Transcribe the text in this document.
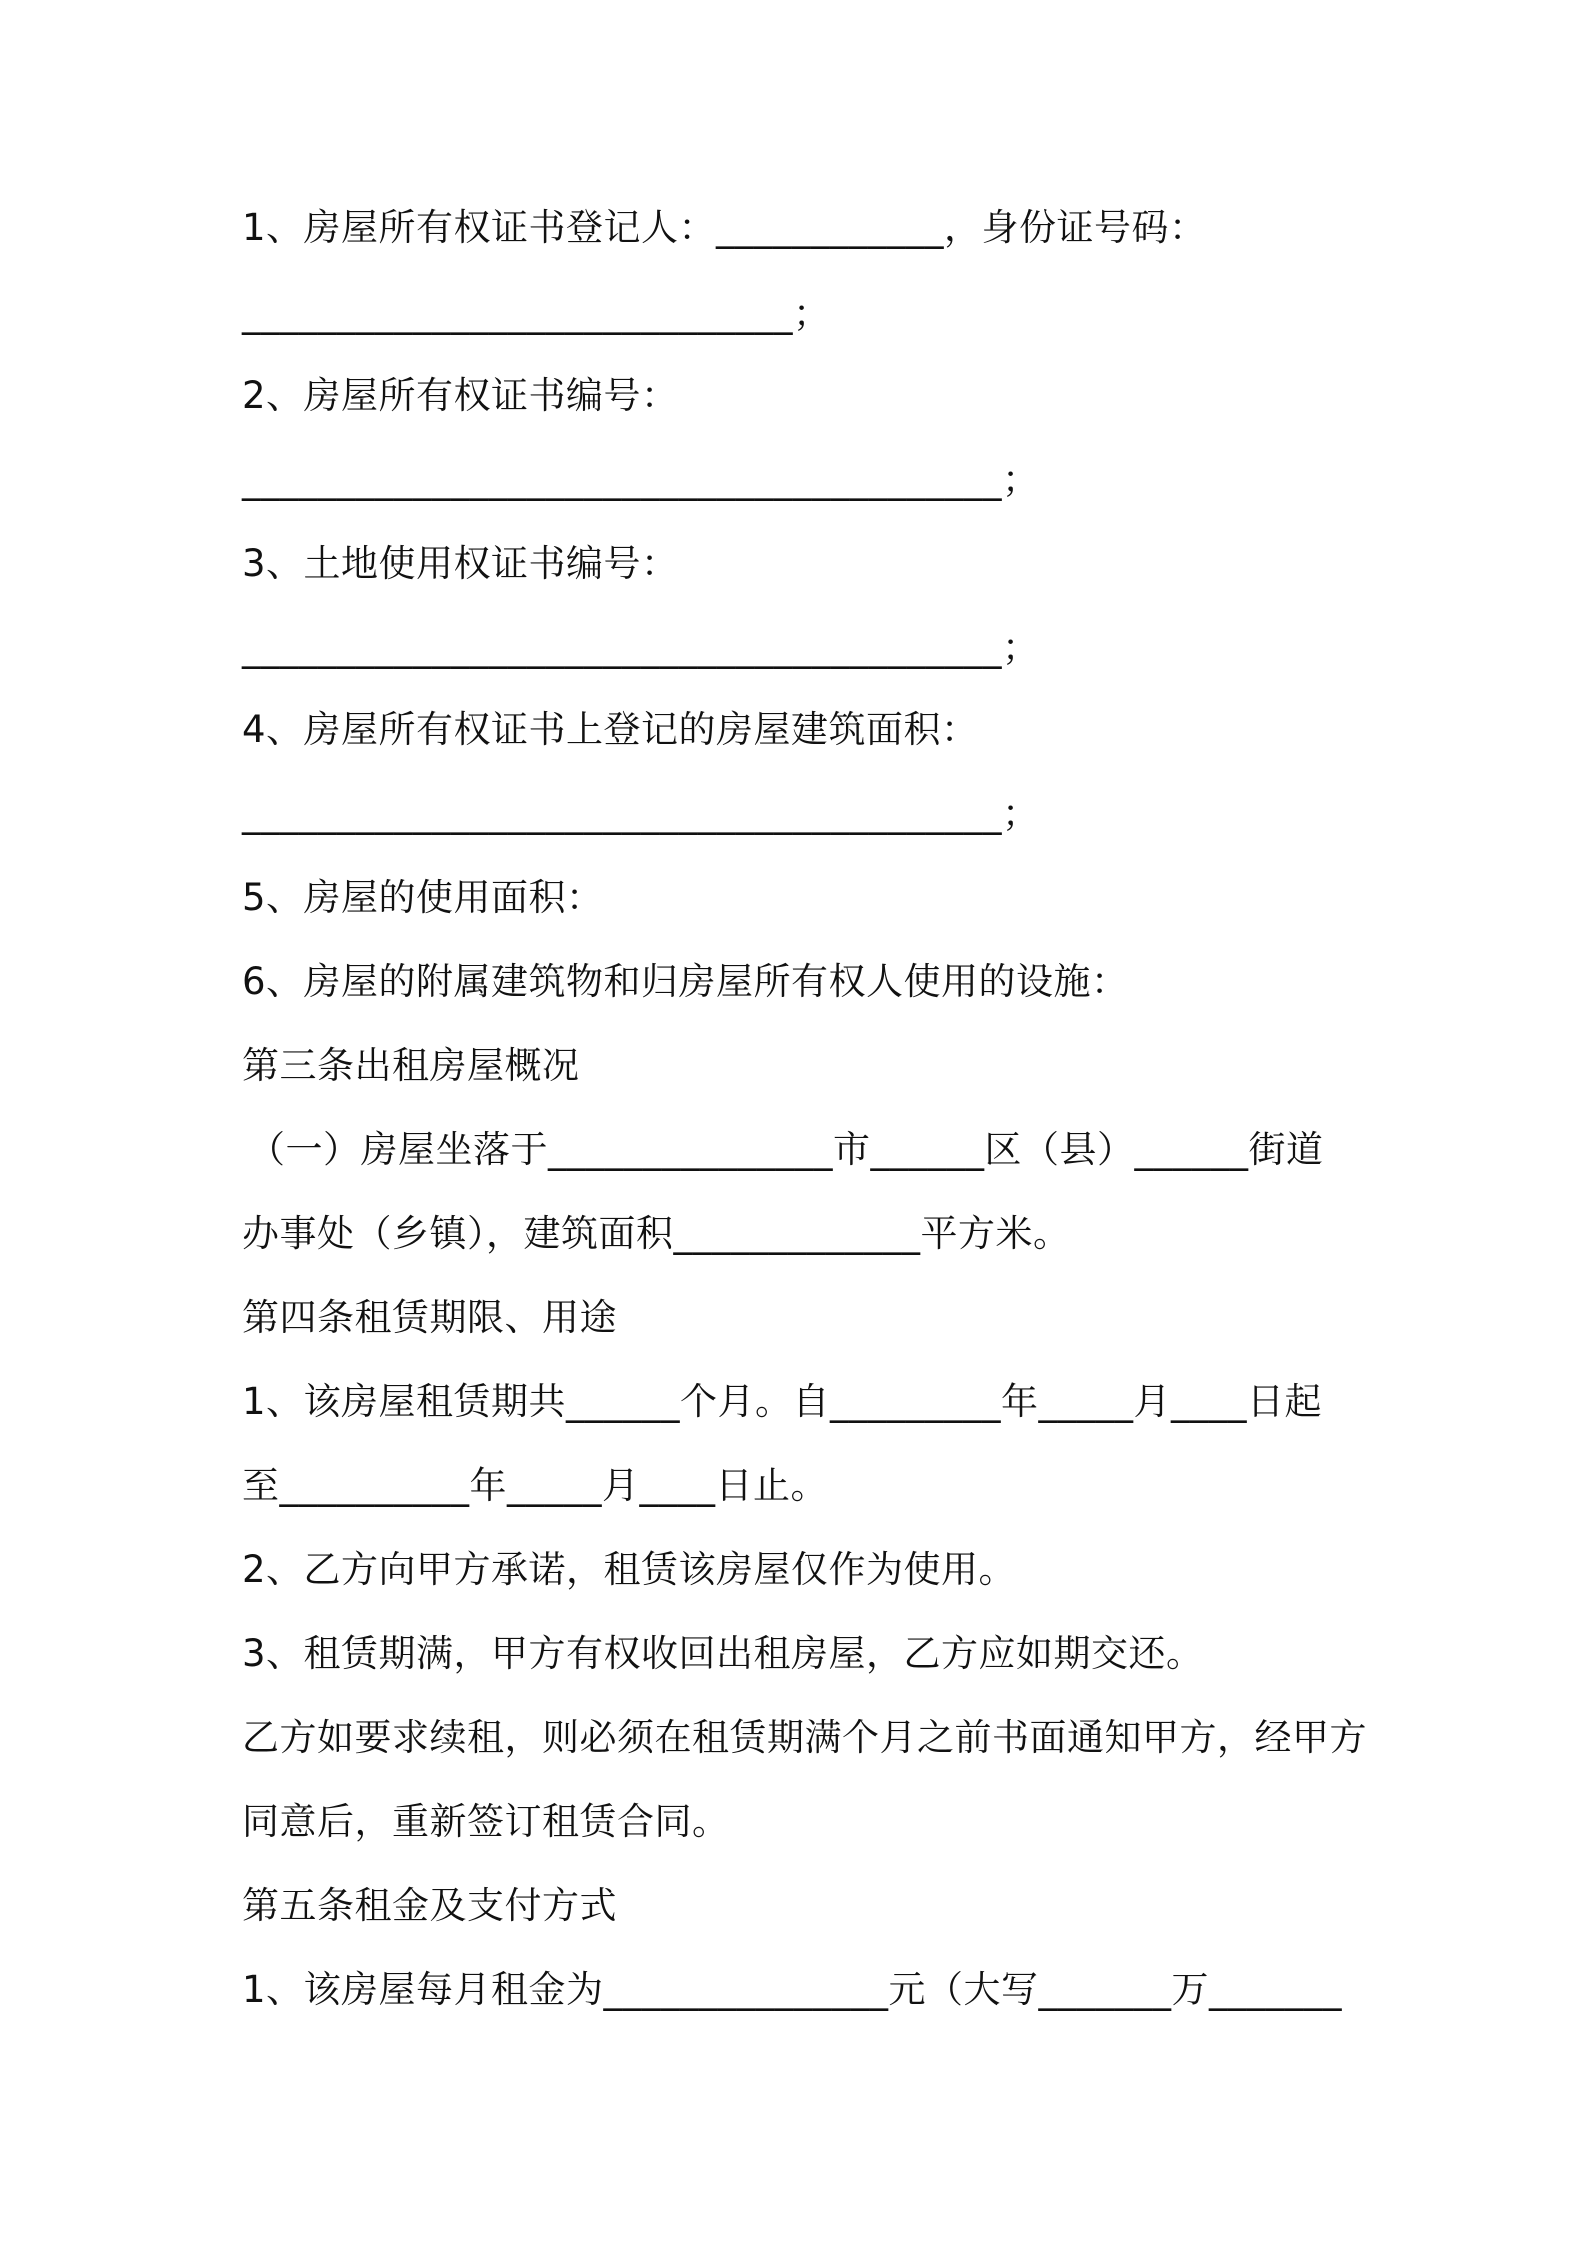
1、房屋所有权证书登记人：____________，身份证号码：
_____________________________；
2、房屋所有权证书编号：
________________________________________；
3、土地使用权证书编号：
________________________________________；
4、房屋所有权证书上登记的房屋建筑面积：
________________________________________；
5、房屋的使用面积：
6、房屋的附属建筑物和归房屋所有权人使用的设施：
第三条出租房屋概况
（一）房屋坐落于_______________市______区（县）______街道
办事处（乡镇），建筑面积_____________平方米。
第四条租赁期限、用途
1、该房屋租赁期共______个月。自_________年_____月____日起
至__________年_____月____日止。
2、乙方向甲方承诺，租赁该房屋仅作为使用。
3、租赁期满，甲方有权收回出租房屋，乙方应如期交还。
乙方如要求续租，则必须在租赁期满个月之前书面通知甲方，经甲方
同意后，重新签订租赁合同。
第五条租金及支付方式
1、该房屋每月租金为_______________元（大写_______万_______
